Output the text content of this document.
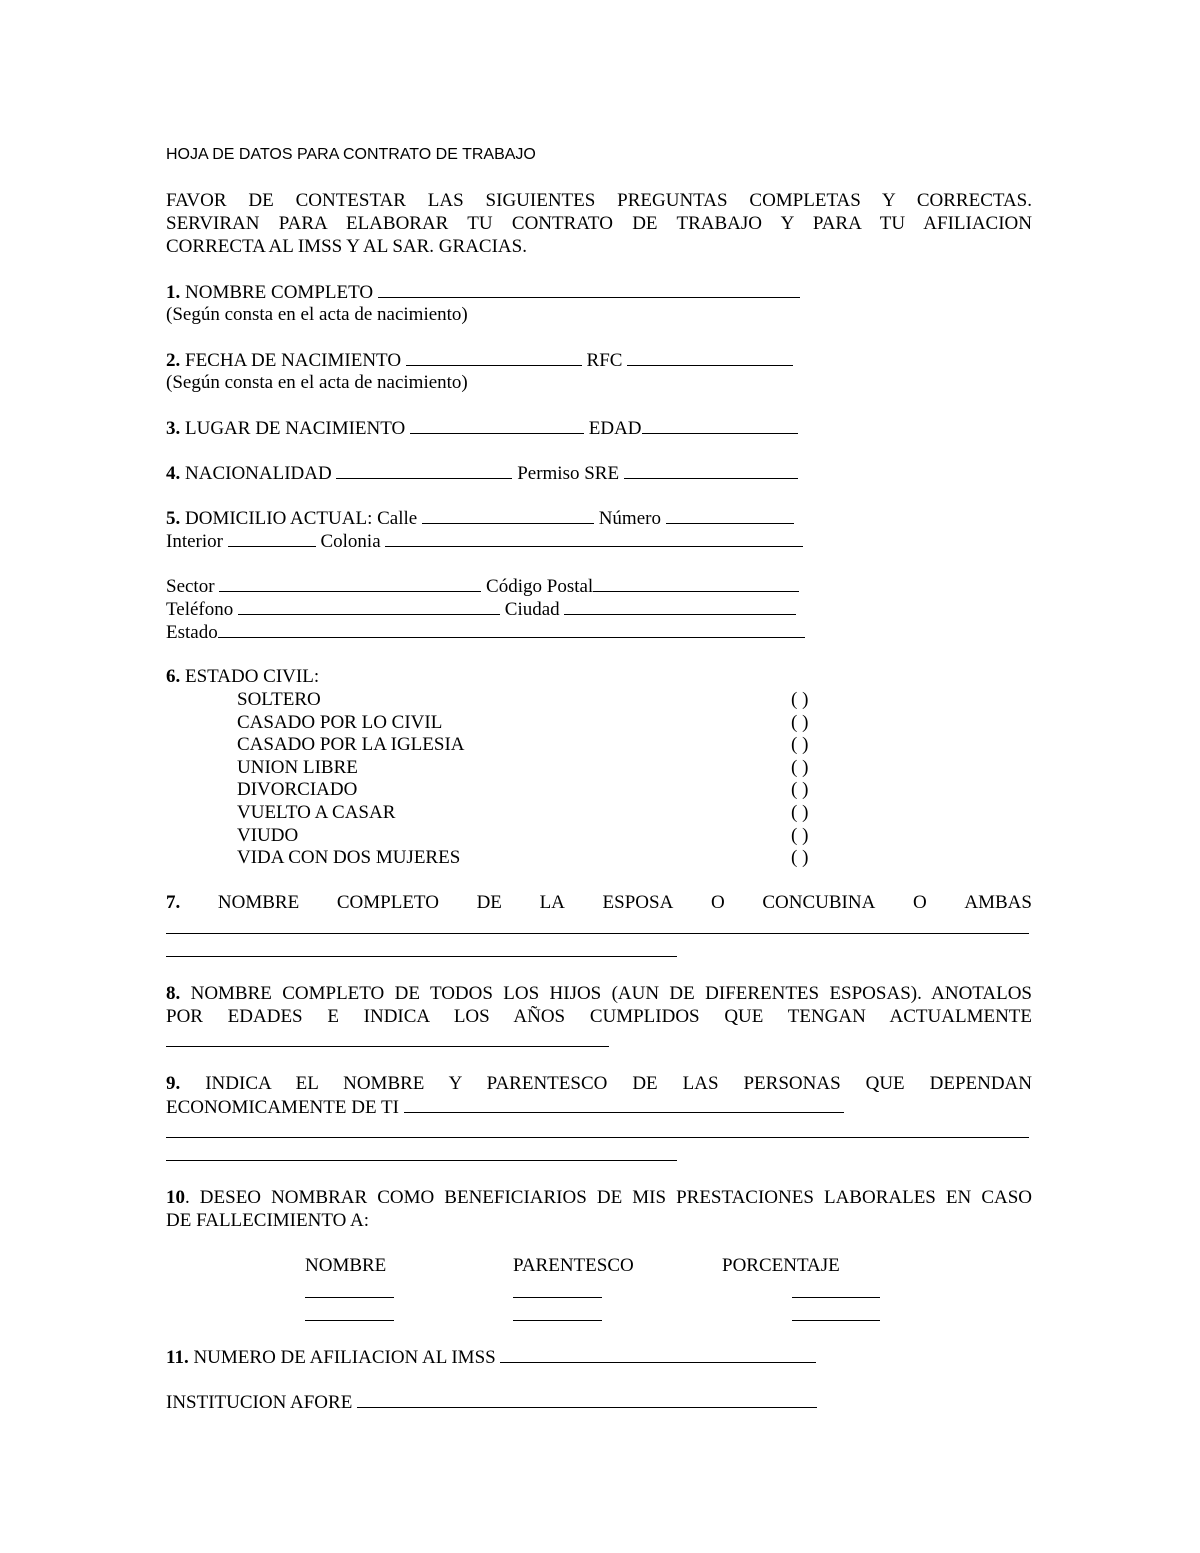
HOJA DE DATOS PARA CONTRATO DE TRABAJO
FAVOR DE CONTESTAR LAS SIGUIENTES PREGUNTAS COMPLETAS Y CORRECTAS.
SERVIRAN PARA ELABORAR TU CONTRATO DE TRABAJO Y PARA TU AFILIACION
CORRECTA AL IMSS Y AL SAR. GRACIAS.
1. NOMBRE COMPLETO
(Según consta en el acta de nacimiento)
2. FECHA DE NACIMIENTO	RFC
(Según consta en el acta de nacimiento)
3. LUGAR DE NACIMIENTO	EDAD
4. NACIONALIDAD	Permiso SRE
5. DOMICILIO ACTUAL: Calle	Número
Interior	Colonia
Sector	Código Postal
Teléfono	Ciudad
Estado
6. ESTADO CIVIL:
SOLTERO	( )
CASADO POR LO CIVIL	( )
CASADO POR LA IGLESIA	( )
UNION LIBRE	( )
DIVORCIADO	( )
VUELTO A CASAR	( )
VIUDO	( )
VIDA CON DOS MUJERES	( )
7. NOMBRE COMPLETO DE LA ESPOSA O CONCUBINA O AMBAS
8. NOMBRE COMPLETO DE TODOS LOS HIJOS (AUN DE DIFERENTES ESPOSAS). ANOTALOS
POR EDADES E INDICA LOS AÑOS CUMPLIDOS QUE TENGAN ACTUALMENTE
9. INDICA EL NOMBRE Y PARENTESCO DE LAS PERSONAS QUE DEPENDAN
ECONOMICAMENTE DE TI
10. DESEO NOMBRAR COMO BENEFICIARIOS DE MIS PRESTACIONES LABORALES EN CASO
DE FALLECIMIENTO A:
NOMBRE	PARENTESCO	PORCENTAJE
11. NUMERO DE AFILIACION AL IMSS
INSTITUCION AFORE
